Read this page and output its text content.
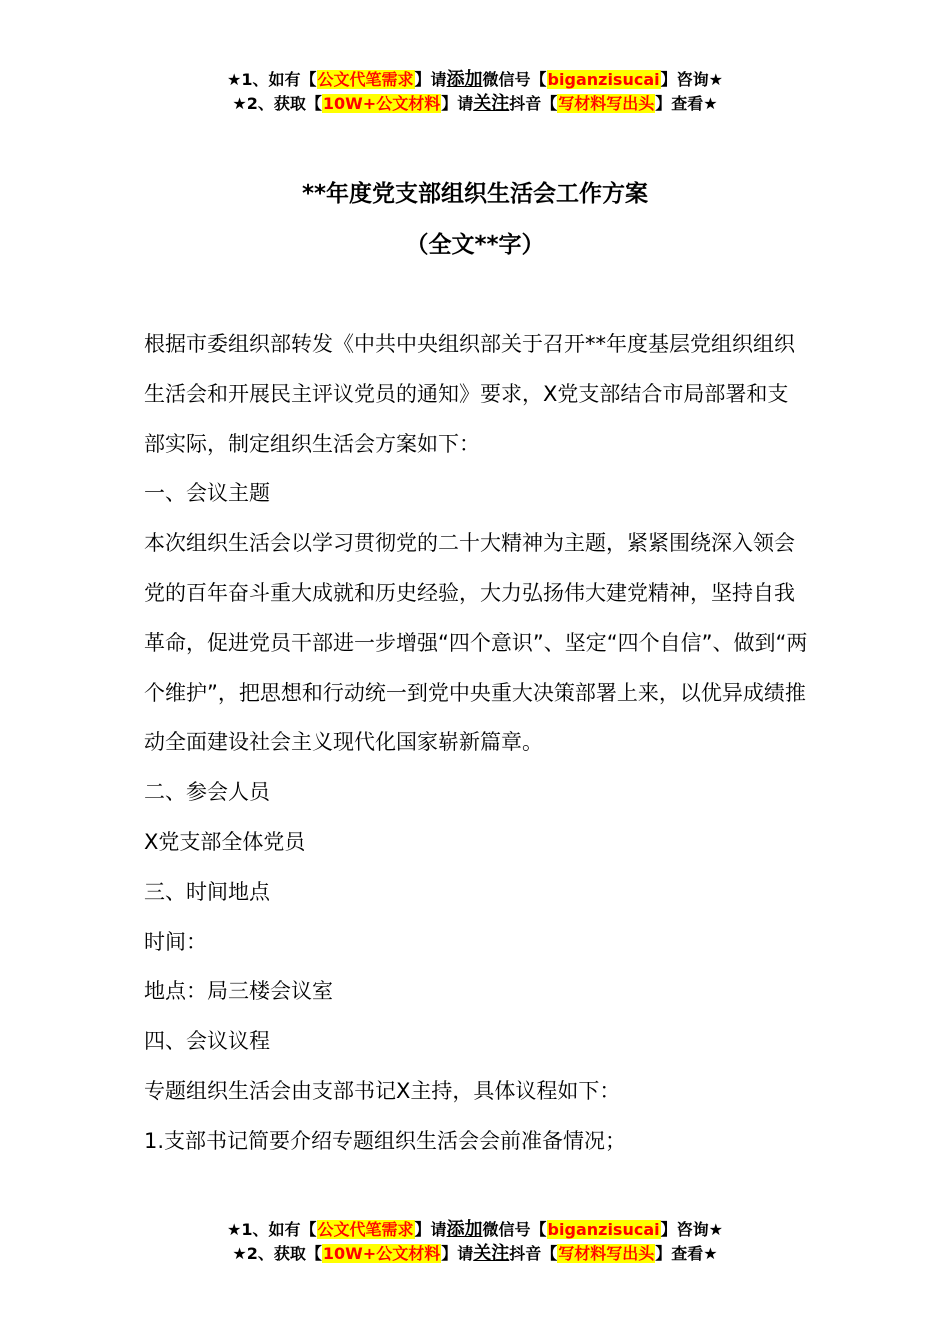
★1、如有【公文代笔需求】请添加微信号【biganzisucai】咨询★
★2、获取【10W+公文材料】请关注抖音【写材料写出头】查看★
**年度党支部组织生活会工作方案
（全文**字）

根据市委组织部转发《中共中央组织部关于召开**年度基层党组织组织生活会和开展民主评议党员的通知》要求，X党支部结合市局部署和支部实际，制定组织生活会方案如下：

一、会议主题

本次组织生活会以学习贯彻党的二十大精神为主题，紧紧围绕深入领会党的百年奋斗重大成就和历史经验，大力弘扬伟大建党精神，坚持自我革命，促进党员干部进一步增强“四个意识”、坚定“四个自信”、做到“两个维护”，把思想和行动统一到党中央重大决策部署上来，以优异成绩推动全面建设社会主义现代化国家崭新篇章。

二、参会人员

X党支部全体党员

三、时间地点

时间：

地点：局三楼会议室

四、会议议程

专题组织生活会由支部书记X主持，具体议程如下：

1.支部书记简要介绍专题组织生活会会前准备情况；

★1、如有【公文代笔需求】请添加微信号【biganzisucai】咨询★
★2、获取【10W+公文材料】请关注抖音【写材料写出头】查看★
